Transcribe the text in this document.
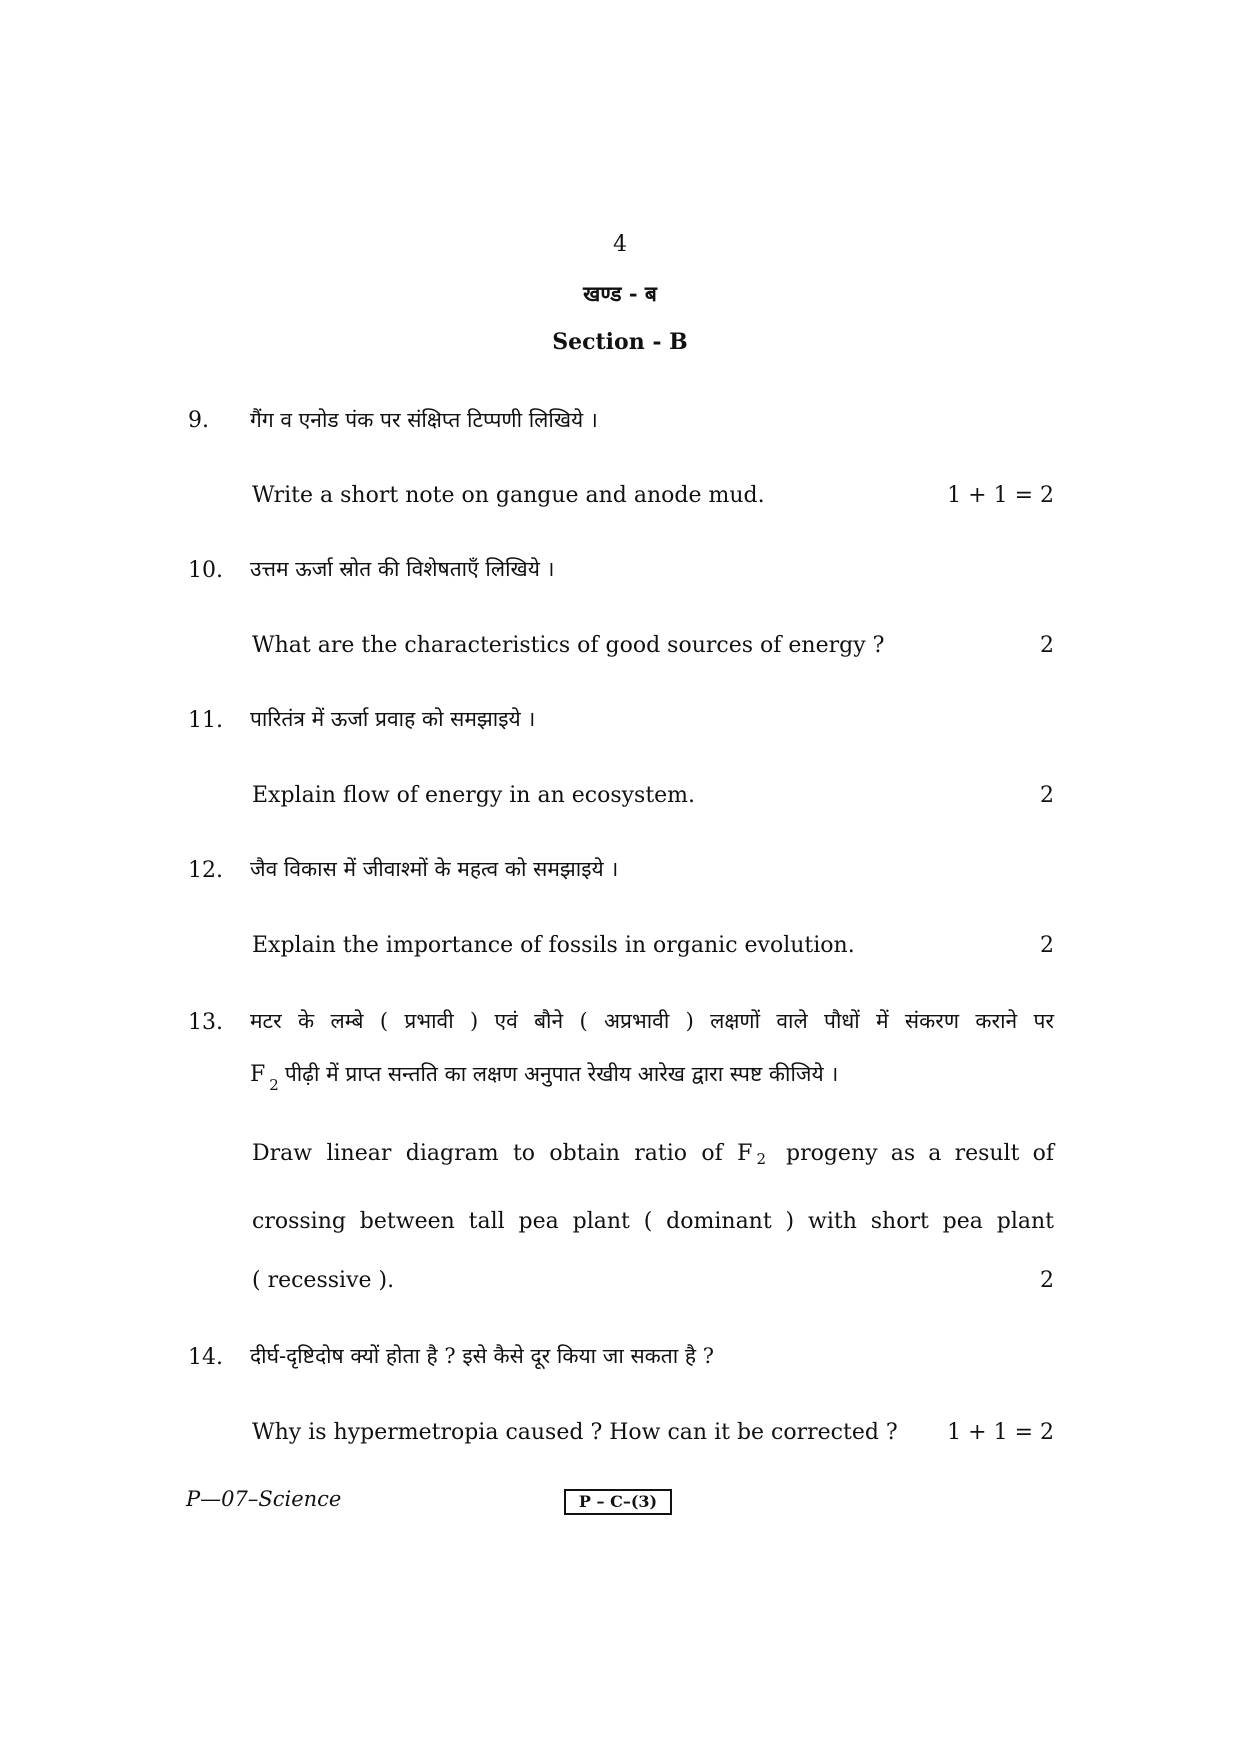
4
खण्ड - ब
Section - B
9. गैंग व एनोड पंक पर संक्षिप्त टिप्पणी लिखिये ।
Write a short note on gangue and anode mud.	1 + 1 = 2
10. उत्तम ऊर्जा स्रोत की विशेषताएँ लिखिये ।
What are the characteristics of good sources of energy ?	2
11. पारितंत्र में ऊर्जा प्रवाह को समझाइये ।
Explain flow of energy in an ecosystem.	2
12. जैव विकास में जीवाश्मों के महत्व को समझाइये ।
Explain the importance of fossils in organic evolution.	2
13. मटर के लम्बे ( प्रभावी ) एवं बौने ( अप्रभावी ) लक्षणों वाले पौधों में संकरण कराने पर
F $_2$ पीढ़ी में प्राप्त सन्तति का लक्षण अनुपात रेखीय आरेख द्वारा स्पष्ट कीजिये ।
Draw linear diagram to obtain ratio of F 2 progeny as a result of
crossing between tall pea plant ( dominant ) with short pea plant
( recessive ).	2
14. दीर्घ-दृष्टिदोष क्यों होता है ? इसे कैसे दूर किया जा सकता है ?
Why is hypermetropia caused ? How can it be corrected ? 1 + 1 = 2
P—07–Science	P – C–(3)
